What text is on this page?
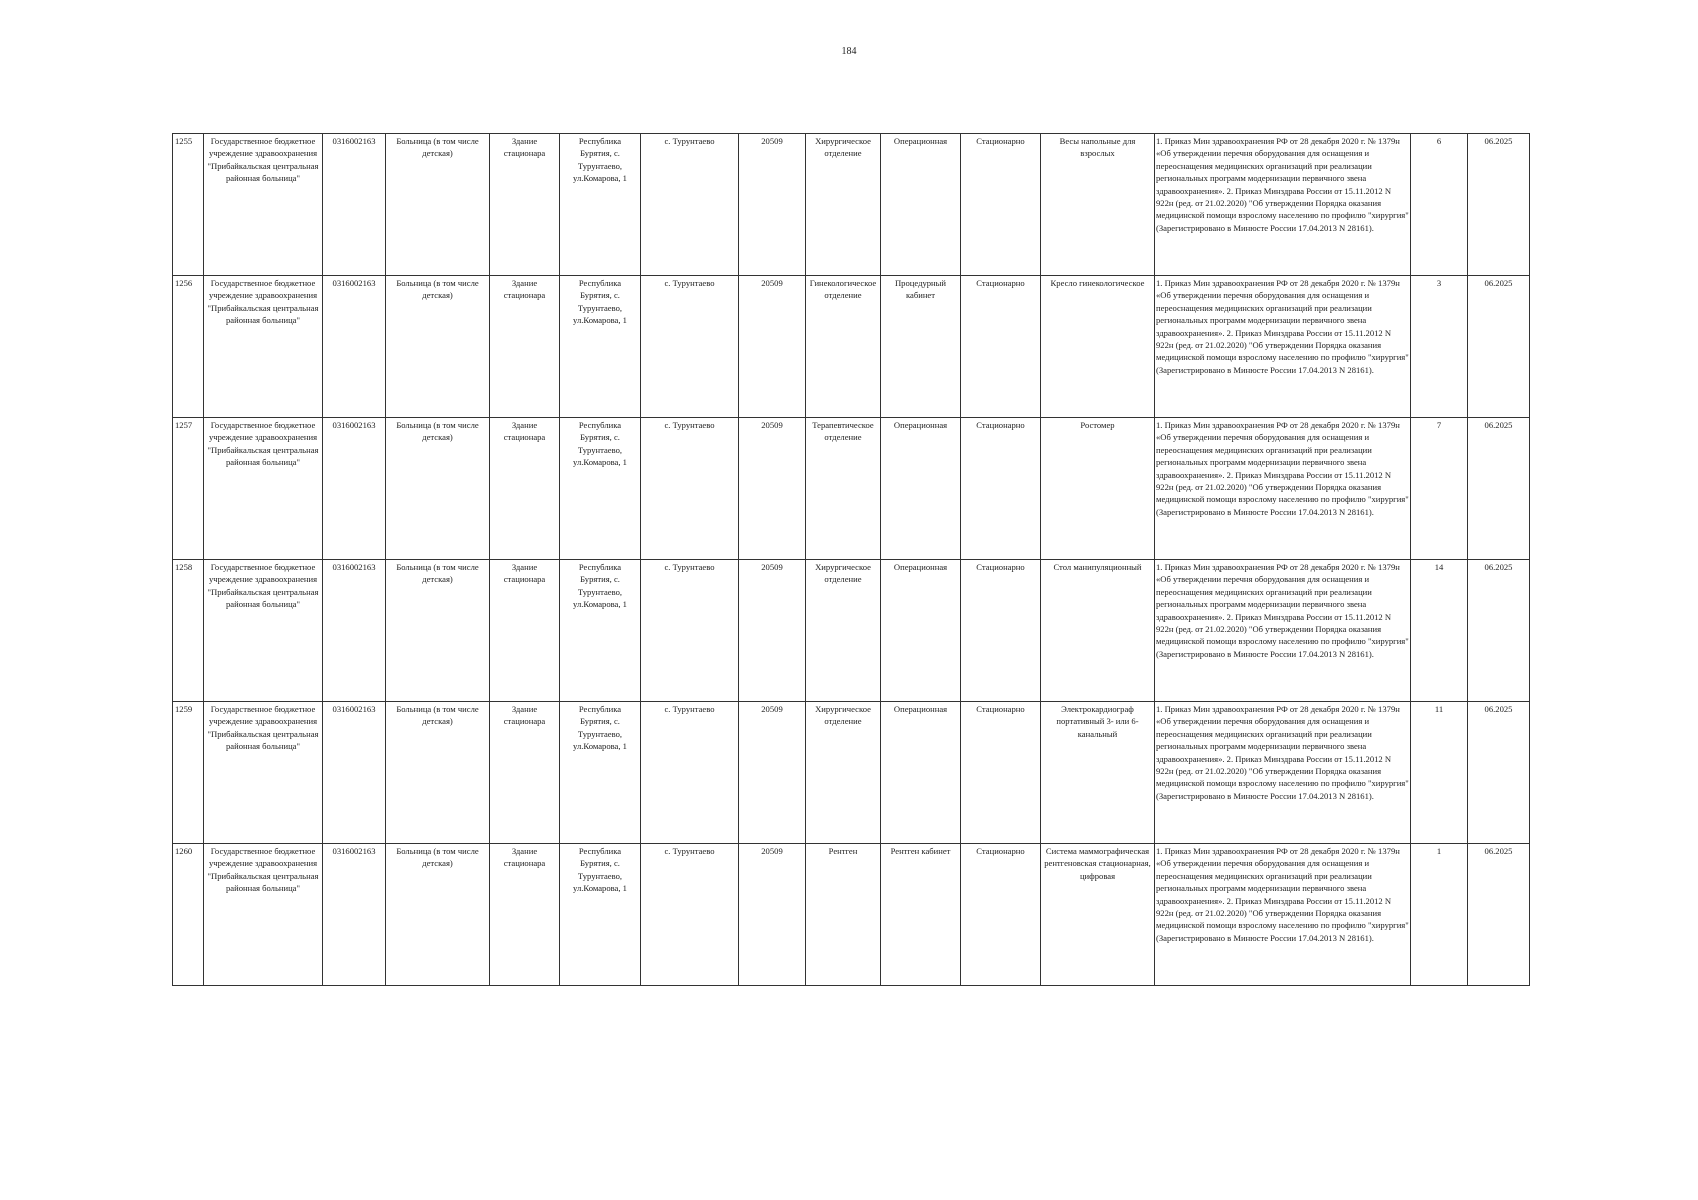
184
1255	Государственное бюджетное учреждение здравоохранения "Прибайкальская центральная районная больница"	0316002163	Больница (в том числе детская)	Здание стационара	Республика Бурятия, с. Турунтаево, ул.Комарова, 1	с. Турунтаево	20509	Хирургическое отделение	Операционная	Стационарно	Весы напольные для взрослых	1. Приказ Мин здравоохранения РФ от 28 декабря 2020 г. № 1379н «Об утверждении перечня оборудования для оснащения и переоснащения медицинских организаций при реализации региональных программ модернизации первичного звена здравоохранения». 2. Приказ Минздрава России от 15.11.2012 N 922н (ред. от 21.02.2020) "Об утверждении Порядка оказания медицинской помощи взрослому населению по профилю "хирургия" (Зарегистрировано в Минюсте России 17.04.2013 N 28161).	6	06.2025
1256	Государственное бюджетное учреждение здравоохранения "Прибайкальская центральная районная больница"	0316002163	Больница (в том числе детская)	Здание стационара	Республика Бурятия, с. Турунтаево, ул.Комарова, 1	с. Турунтаево	20509	Гинекологическое отделение	Процедурный кабинет	Стационарно	Кресло гинекологическое	1. Приказ Мин здравоохранения РФ от 28 декабря 2020 г. № 1379н «Об утверждении перечня оборудования для оснащения и переоснащения медицинских организаций при реализации региональных программ модернизации первичного звена здравоохранения». 2. Приказ Минздрава России от 15.11.2012 N 922н (ред. от 21.02.2020) "Об утверждении Порядка оказания медицинской помощи взрослому населению по профилю "хирургия" (Зарегистрировано в Минюсте России 17.04.2013 N 28161).	3	06.2025
1257	Государственное бюджетное учреждение здравоохранения "Прибайкальская центральная районная больница"	0316002163	Больница (в том числе детская)	Здание стационара	Республика Бурятия, с. Турунтаево, ул.Комарова, 1	с. Турунтаево	20509	Терапевтическое отделение	Операционная	Стационарно	Ростомер	1. Приказ Мин здравоохранения РФ от 28 декабря 2020 г. № 1379н «Об утверждении перечня оборудования для оснащения и переоснащения медицинских организаций при реализации региональных программ модернизации первичного звена здравоохранения». 2. Приказ Минздрава России от 15.11.2012 N 922н (ред. от 21.02.2020) "Об утверждении Порядка оказания медицинской помощи взрослому населению по профилю "хирургия" (Зарегистрировано в Минюсте России 17.04.2013 N 28161).	7	06.2025
1258	Государственное бюджетное учреждение здравоохранения "Прибайкальская центральная районная больница"	0316002163	Больница (в том числе детская)	Здание стационара	Республика Бурятия, с. Турунтаево, ул.Комарова, 1	с. Турунтаево	20509	Хирургическое отделение	Операционная	Стационарно	Стол манипуляционный	1. Приказ Мин здравоохранения РФ от 28 декабря 2020 г. № 1379н «Об утверждении перечня оборудования для оснащения и переоснащения медицинских организаций при реализации региональных программ модернизации первичного звена здравоохранения». 2. Приказ Минздрава России от 15.11.2012 N 922н (ред. от 21.02.2020) "Об утверждении Порядка оказания медицинской помощи взрослому населению по профилю "хирургия" (Зарегистрировано в Минюсте России 17.04.2013 N 28161).	14	06.2025
1259	Государственное бюджетное учреждение здравоохранения "Прибайкальская центральная районная больница"	0316002163	Больница (в том числе детская)	Здание стационара	Республика Бурятия, с. Турунтаево, ул.Комарова, 1	с. Турунтаево	20509	Хирургическое отделение	Операционная	Стационарно	Электрокардиограф портативный 3- или 6-канальный	1. Приказ Мин здравоохранения РФ от 28 декабря 2020 г. № 1379н «Об утверждении перечня оборудования для оснащения и переоснащения медицинских организаций при реализации региональных программ модернизации первичного звена здравоохранения». 2. Приказ Минздрава России от 15.11.2012 N 922н (ред. от 21.02.2020) "Об утверждении Порядка оказания медицинской помощи взрослому населению по профилю "хирургия" (Зарегистрировано в Минюсте России 17.04.2013 N 28161).	11	06.2025
1260	Государственное бюджетное учреждение здравоохранения "Прибайкальская центральная районная больница"	0316002163	Больница (в том числе детская)	Здание стационара	Республика Бурятия, с. Турунтаево, ул.Комарова, 1	с. Турунтаево	20509	Рентген	Рентген кабинет	Стационарно	Система маммографическая рентгеновская стационарная, цифровая	1. Приказ Мин здравоохранения РФ от 28 декабря 2020 г. № 1379н «Об утверждении перечня оборудования для оснащения и переоснащения медицинских организаций при реализации региональных программ модернизации первичного звена здравоохранения». 2. Приказ Минздрава России от 15.11.2012 N 922н (ред. от 21.02.2020) "Об утверждении Порядка оказания медицинской помощи взрослому населению по профилю "хирургия" (Зарегистрировано в Минюсте России 17.04.2013 N 28161).	1	06.2025
